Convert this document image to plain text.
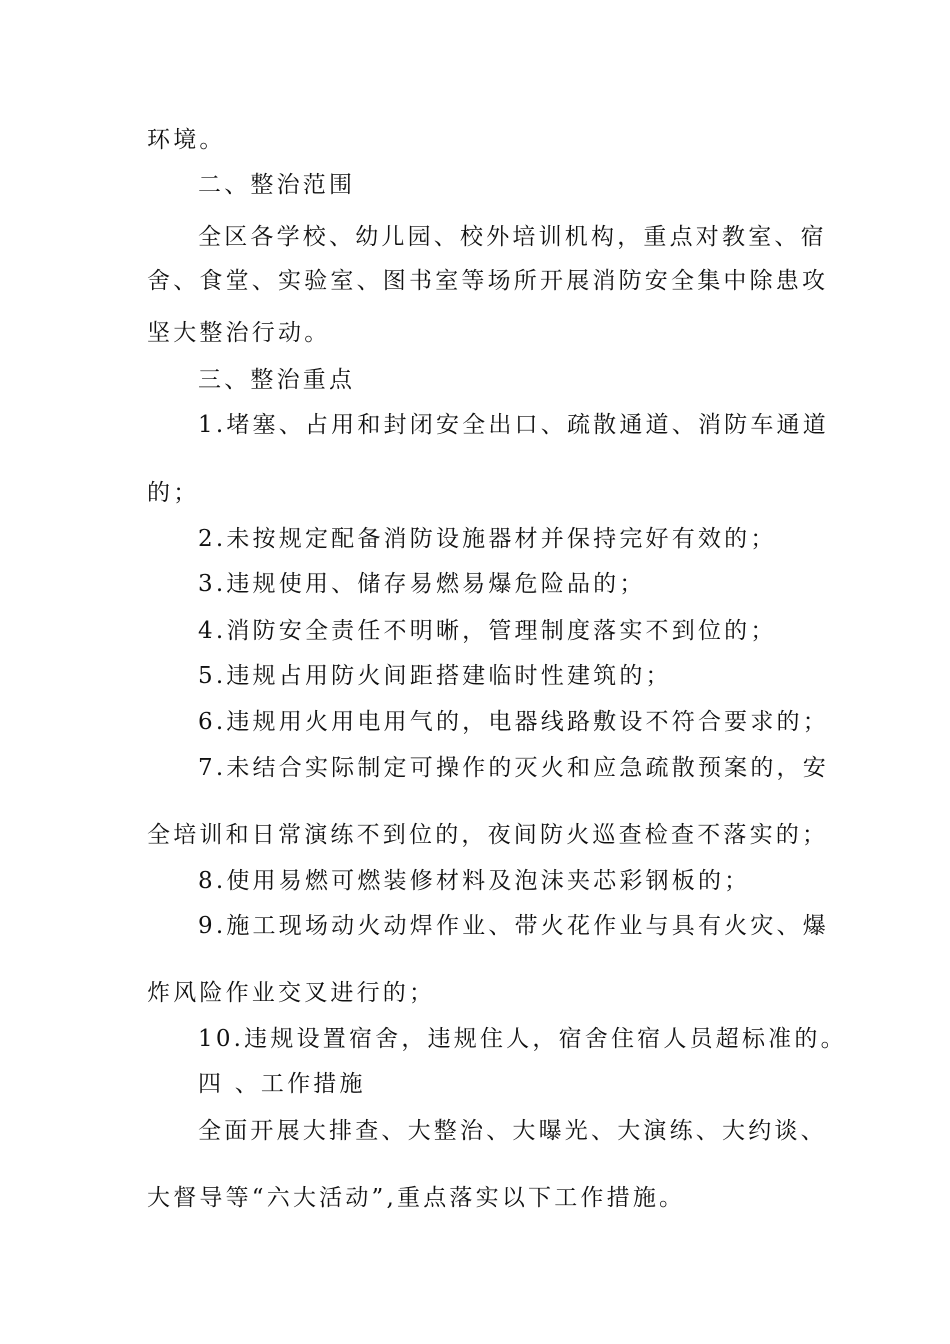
环境。
二、整治范围
全区各学校、幼儿园、校外培训机构，重点对教室、宿
舍、食堂、实验室、图书室等场所开展消防安全集中除患攻
坚大整治行动。
三、整治重点
1.堵塞、占用和封闭安全出口、疏散通道、消防车通道
的；
2.未按规定配备消防设施器材并保持完好有效的；
3.违规使用、储存易燃易爆危险品的；
4.消防安全责任不明晰，管理制度落实不到位的；
5.违规占用防火间距搭建临时性建筑的；
6.违规用火用电用气的，电器线路敷设不符合要求的；
7.未结合实际制定可操作的灭火和应急疏散预案的，安
全培训和日常演练不到位的，夜间防火巡查检查不落实的；
8.使用易燃可燃装修材料及泡沫夹芯彩钢板的；
9.施工现场动火动焊作业、带火花作业与具有火灾、爆
炸风险作业交叉进行的；
10.违规设置宿舍，违规住人，宿舍住宿人员超标准的。
四 、工作措施
全面开展大排查、大整治、大曝光、大演练、大约谈、
大督导等“六大活动”,重点落实以下工作措施。
